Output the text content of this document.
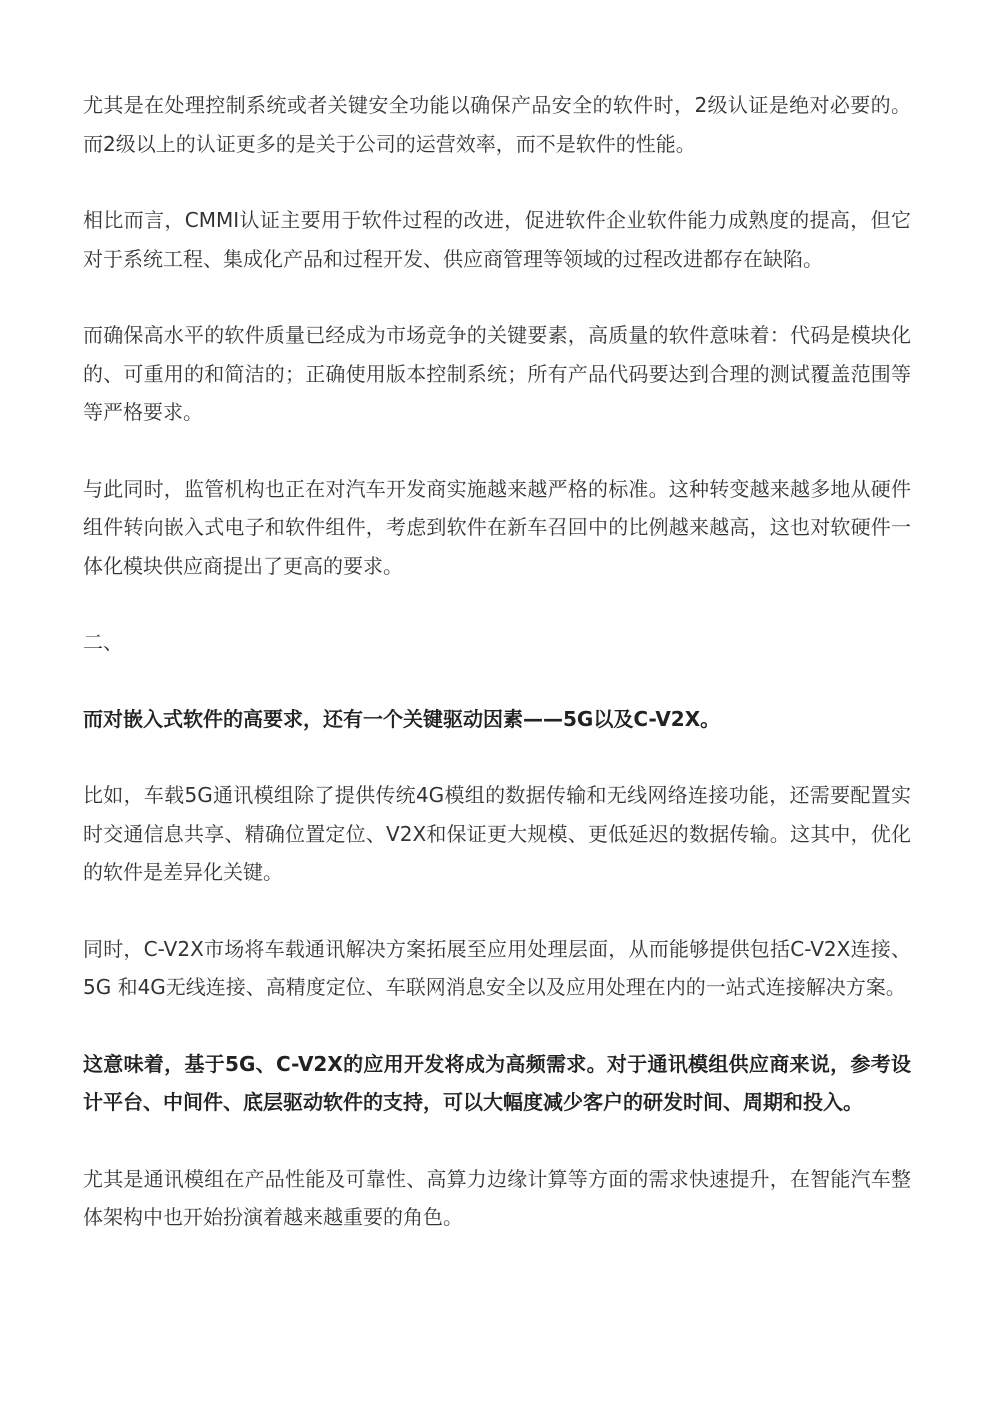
尤其是在处理控制系统或者关键安全功能以确保产品安全的软件时，2级认证是绝对必要的。而2级以上的认证更多的是关于公司的运营效率，而不是软件的性能。

相比而言，CMMI认证主要用于软件过程的改进，促进软件企业软件能力成熟度的提高，但它对于系统工程、集成化产品和过程开发、供应商管理等领域的过程改进都存在缺陷。

而确保高水平的软件质量已经成为市场竞争的关键要素，高质量的软件意味着：代码是模块化的、可重用的和简洁的；正确使用版本控制系统；所有产品代码要达到合理的测试覆盖范围等等严格要求。

与此同时，监管机构也正在对汽车开发商实施越来越严格的标准。这种转变越来越多地从硬件组件转向嵌入式电子和软件组件，考虑到软件在新车召回中的比例越来越高，这也对软硬件一体化模块供应商提出了更高的要求。

二、

而对嵌入式软件的高要求，还有一个关键驱动因素——5G以及C-V2X。

比如，车载5G通讯模组除了提供传统4G模组的数据传输和无线网络连接功能，还需要配置实时交通信息共享、精确位置定位、V2X和保证更大规模、更低延迟的数据传输。这其中，优化的软件是差异化关键。

同时，C-V2X市场将车载通讯解决方案拓展至应用处理层面，从而能够提供包括C-V2X连接、5G 和4G无线连接、高精度定位、车联网消息安全以及应用处理在内的一站式连接解决方案。

这意味着，基于5G、C-V2X的应用开发将成为高频需求。对于通讯模组供应商来说，参考设计平台、中间件、底层驱动软件的支持，可以大幅度减少客户的研发时间、周期和投入。

尤其是通讯模组在产品性能及可靠性、高算力边缘计算等方面的需求快速提升，在智能汽车整体架构中也开始扮演着越来越重要的角色。
